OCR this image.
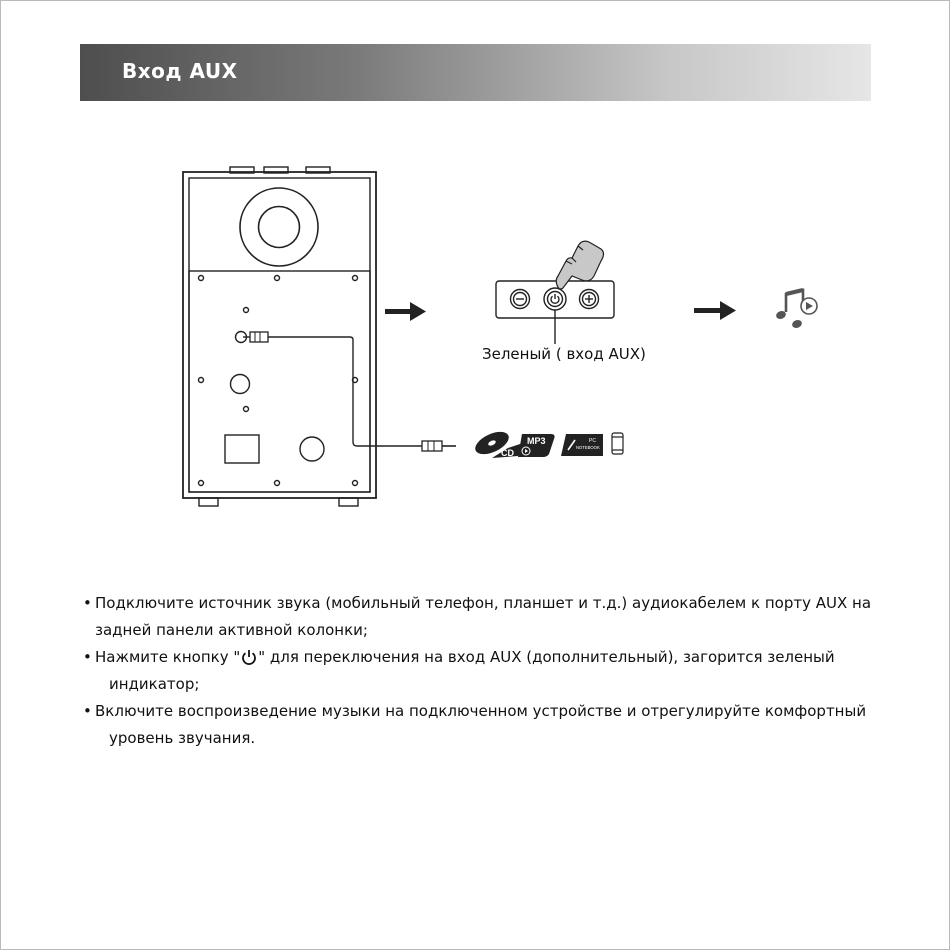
Вход AUX
CD
MP3	PC
NOTEBOOK
Зеленый ( вход AUX)
• Подключите источник звука (мобильный телефон, планшет и т.д.) аудиокабелем к порту AUX на
задней панели активной колонки;
• Нажмите кнопку " " для переключения на вход AUX (дополнительный), загорится зеленый
индикатор;
• Включите воспроизведение музыки на подключенном устройстве и отрегулируйте комфортный
уровень звучания.
